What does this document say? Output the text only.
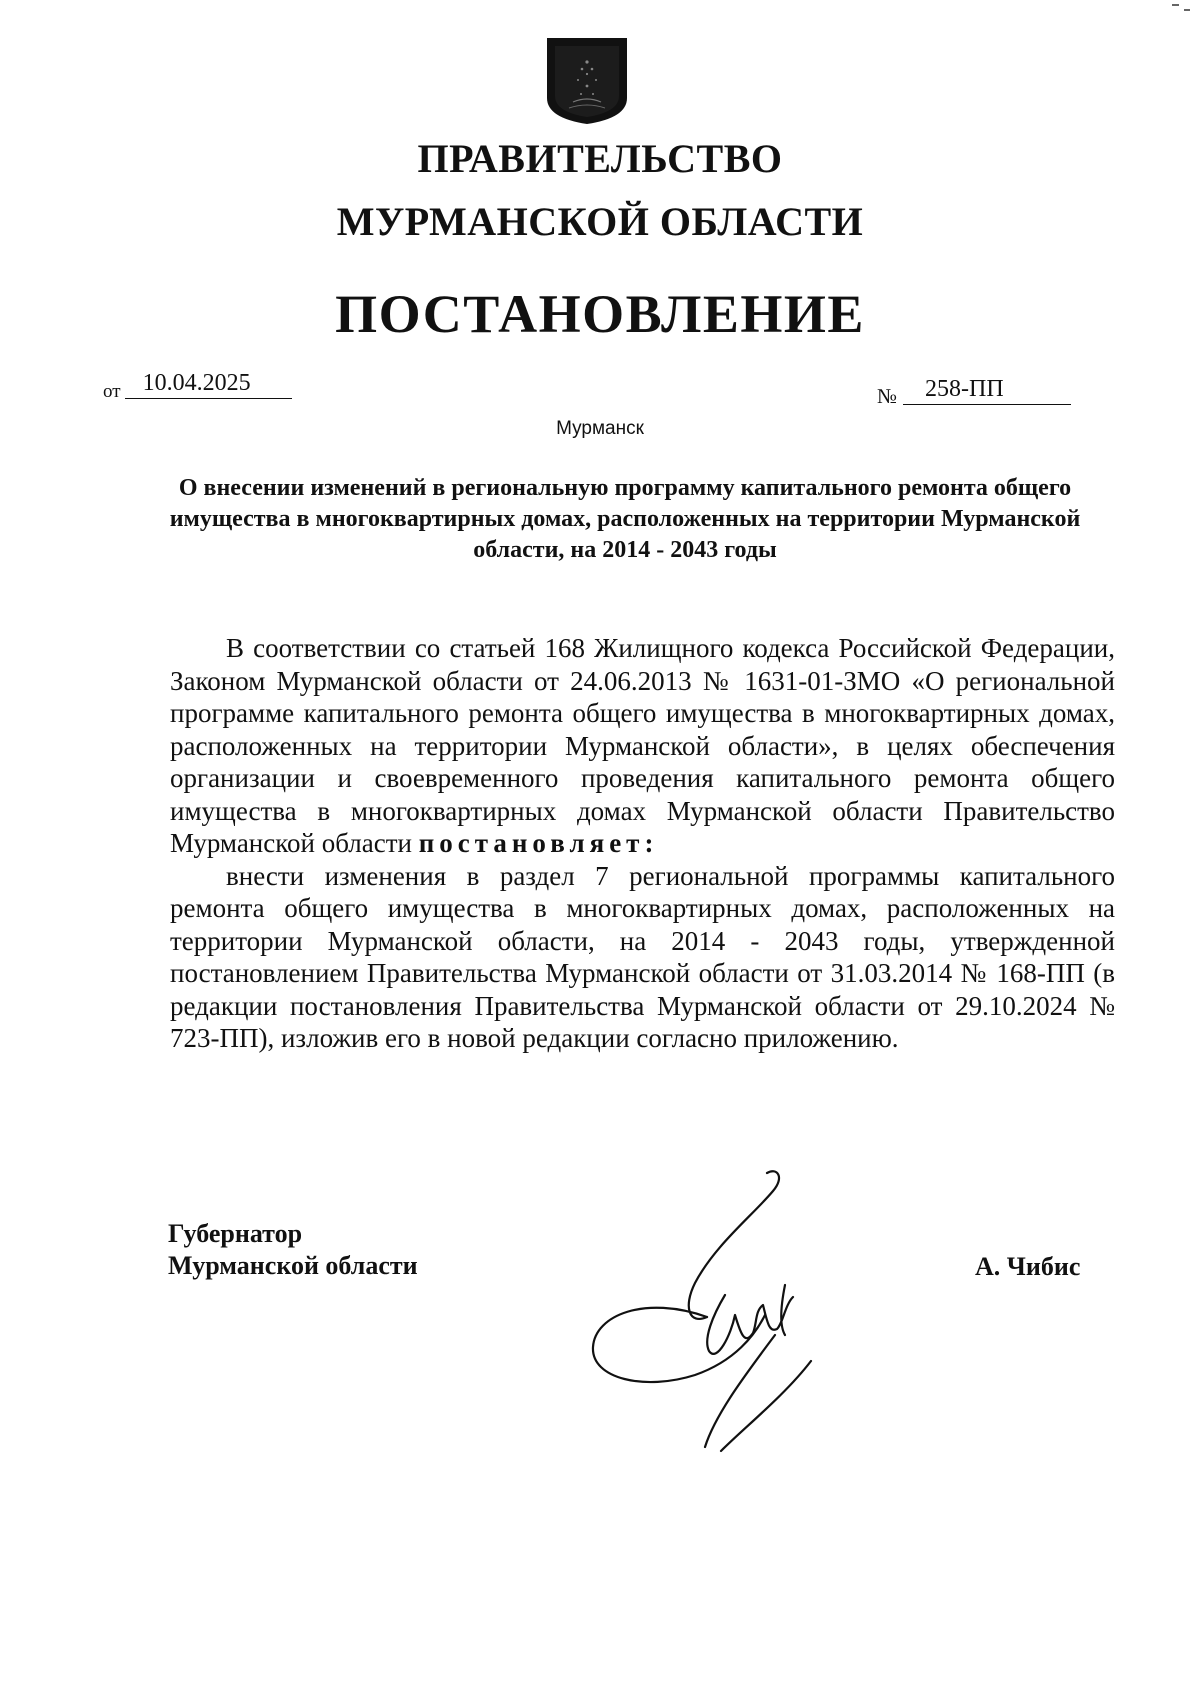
ПРАВИТЕЛЬСТВО
МУРМАНСКОЙ ОБЛАСТИ
ПОСТАНОВЛЕНИЕ
от 10.04.2025	№ 258-ПП
Мурманск
О внесении изменений в региональную программу капитального ремонта общего имущества в многоквартирных домах, расположенных на территории Мурманской области, на 2014 - 2043 годы

В соответствии со статьей 168 Жилищного кодекса Российской Федерации, Законом Мурманской области от 24.06.2013 № 1631-01-ЗМО «О региональной программе капитального ремонта общего имущества в многоквартирных домах, расположенных на территории Мурманской области», в целях обеспечения организации и своевременного проведения капитального ремонта общего имущества в многоквартирных домах Мурманской области Правительство Мурманской области постановляет:

внести изменения в раздел 7 региональной программы капитального ремонта общего имущества в многоквартирных домах, расположенных на территории Мурманской области, на 2014 - 2043 годы, утвержденной постановлением Правительства Мурманской области от 31.03.2014 № 168-ПП (в редакции постановления Правительства Мурманской области от 29.10.2024 № 723-ПП), изложив его в новой редакции согласно приложению.

Губернатор
Мурманской области	А. Чибис
